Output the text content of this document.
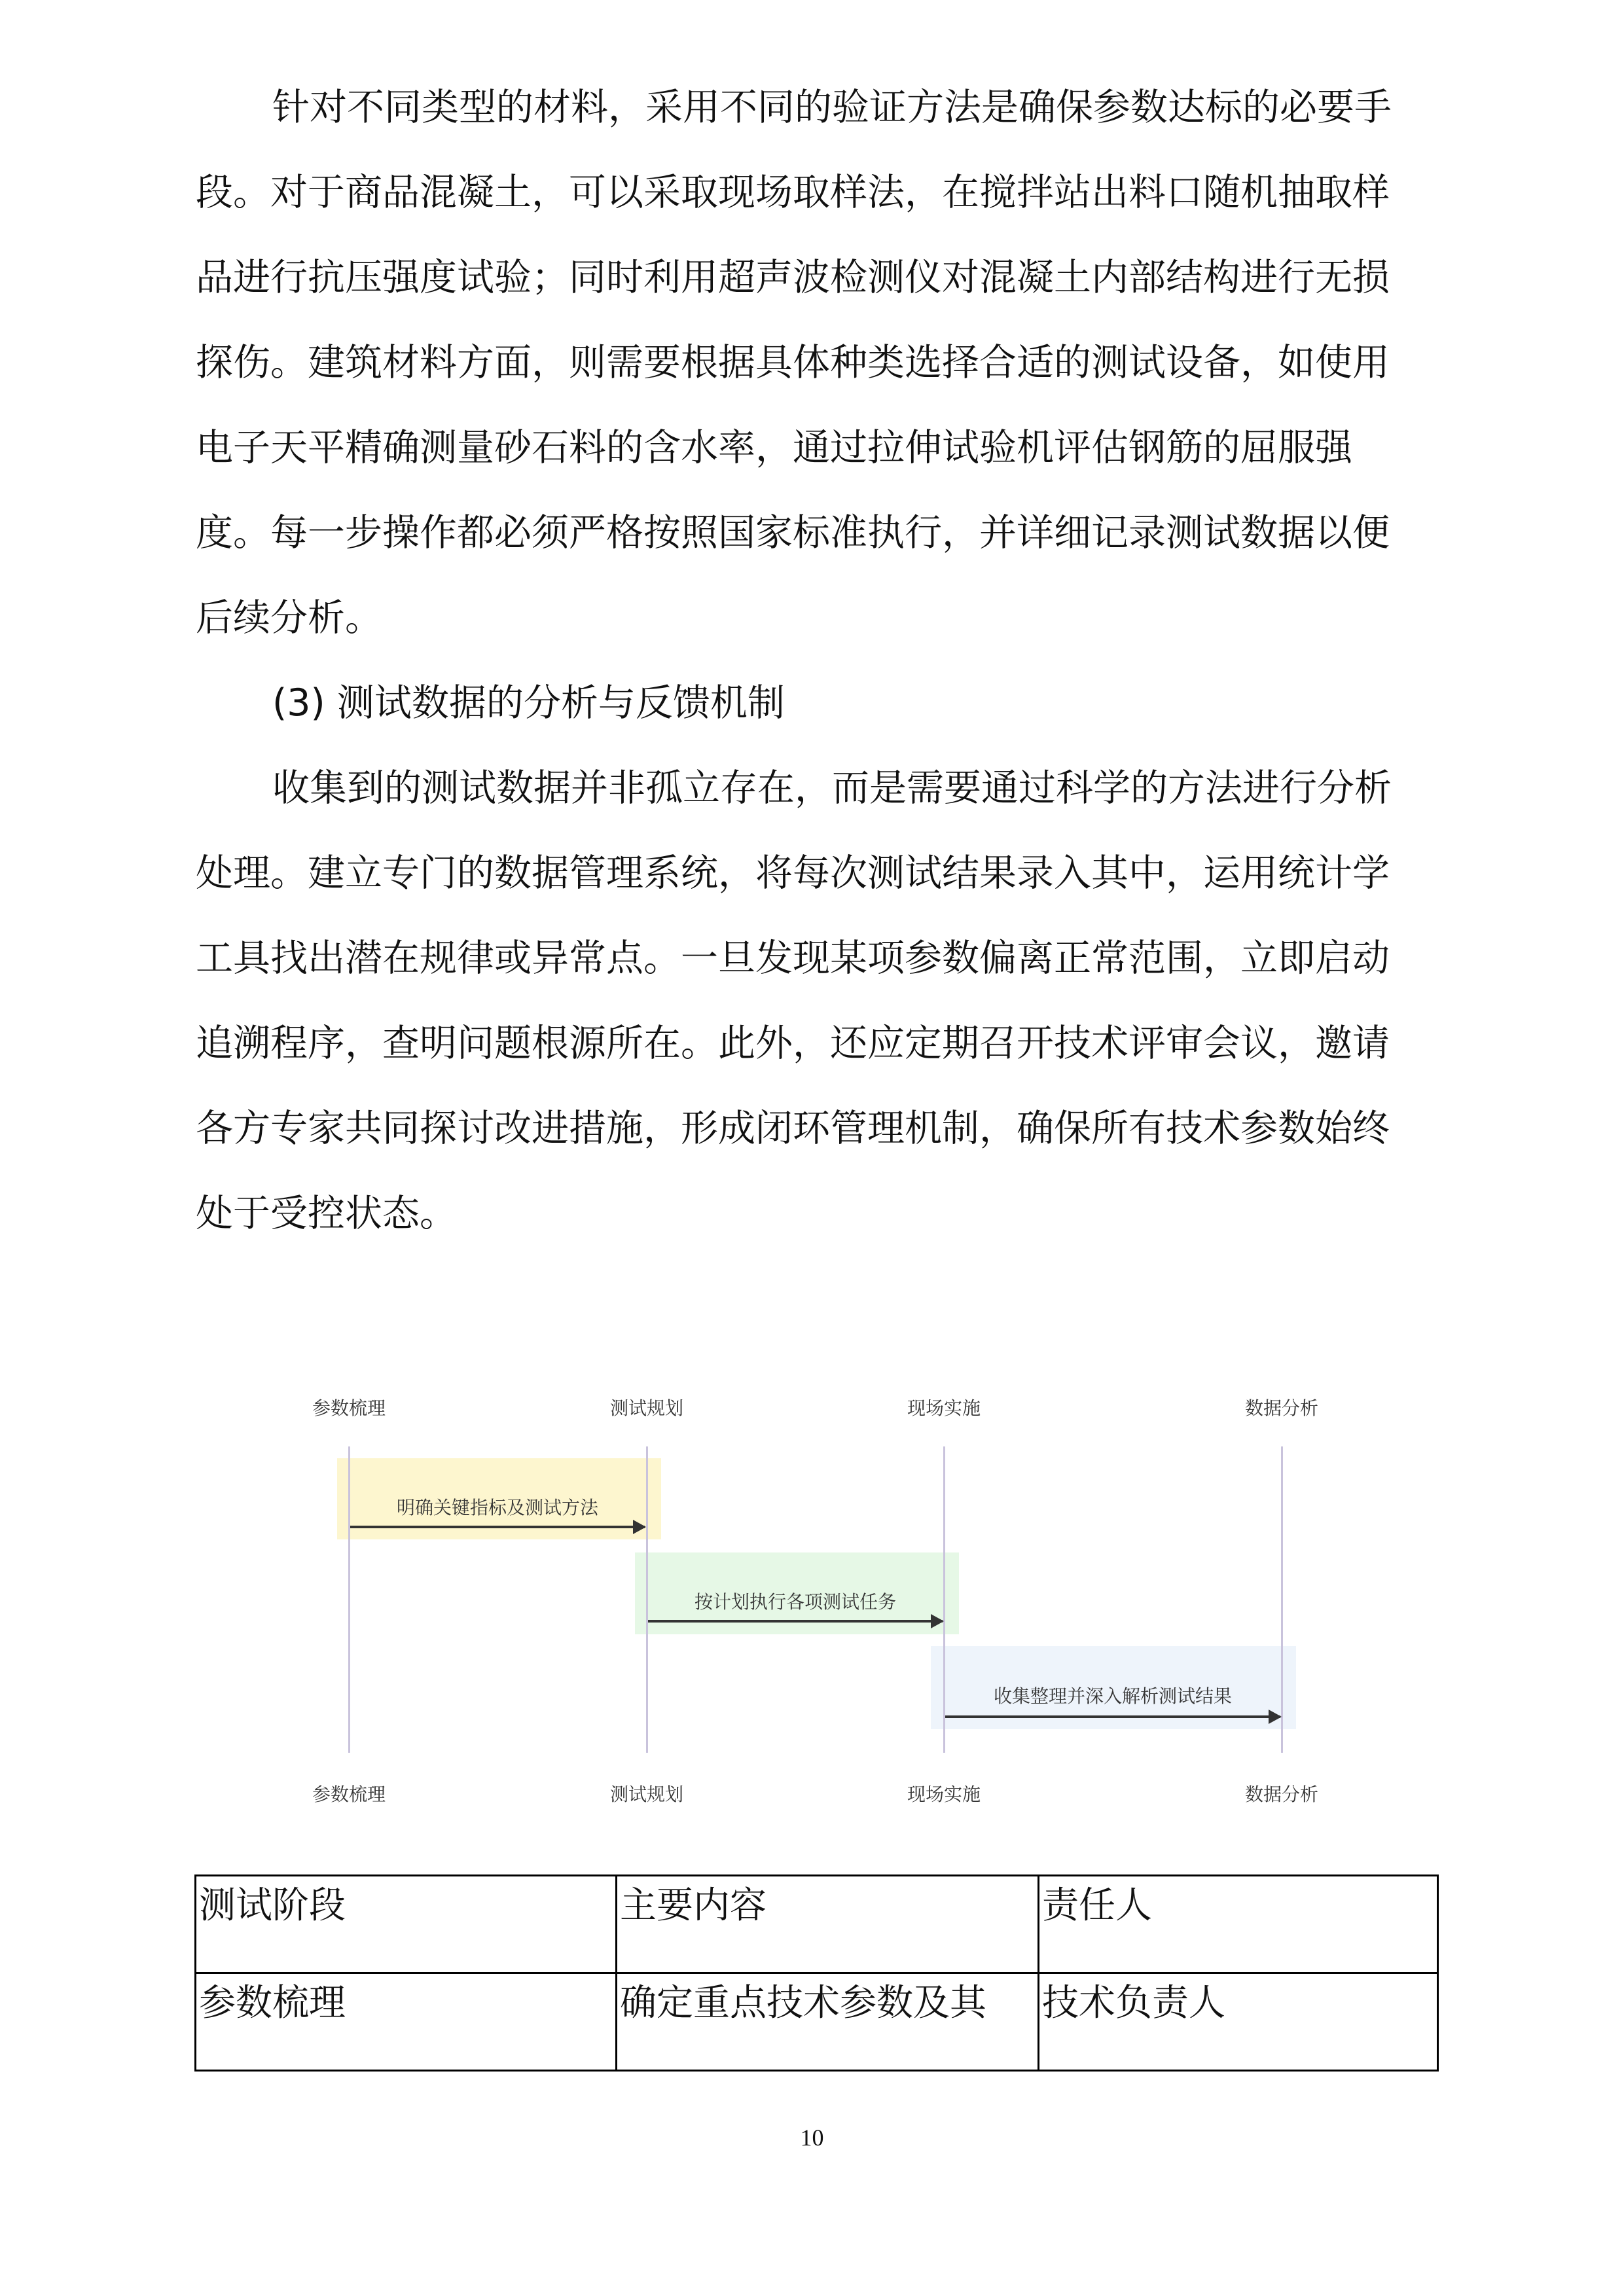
针对不同类型的材料，采用不同的验证方法是确保参数达标的必要手
段。对于商品混凝土，可以采取现场取样法，在搅拌站出料口随机抽取样
品进行抗压强度试验；同时利用超声波检测仪对混凝土内部结构进行无损
探伤。建筑材料方面，则需要根据具体种类选择合适的测试设备，如使用
电子天平精确测量砂石料的含水率，通过拉伸试验机评估钢筋的屈服强
度。每一步操作都必须严格按照国家标准执行，并详细记录测试数据以便
后续分析。
(3) 测试数据的分析与反馈机制
收集到的测试数据并非孤立存在，而是需要通过科学的方法进行分析
处理。建立专门的数据管理系统，将每次测试结果录入其中，运用统计学
工具找出潜在规律或异常点。一旦发现某项参数偏离正常范围，立即启动
追溯程序，查明问题根源所在。此外，还应定期召开技术评审会议，邀请
各方专家共同探讨改进措施，形成闭环管理机制，确保所有技术参数始终
处于受控状态。
参数梳理	测试规划	现场实施	数据分析
明确关键指标及测试方法
按计划执行各项测试任务
收集整理并深入解析测试结果
参数梳理	测试规划	现场实施	数据分析
测试阶段	主要内容	责任人
参数梳理	确定重点技术参数及其	技术负责人
10
